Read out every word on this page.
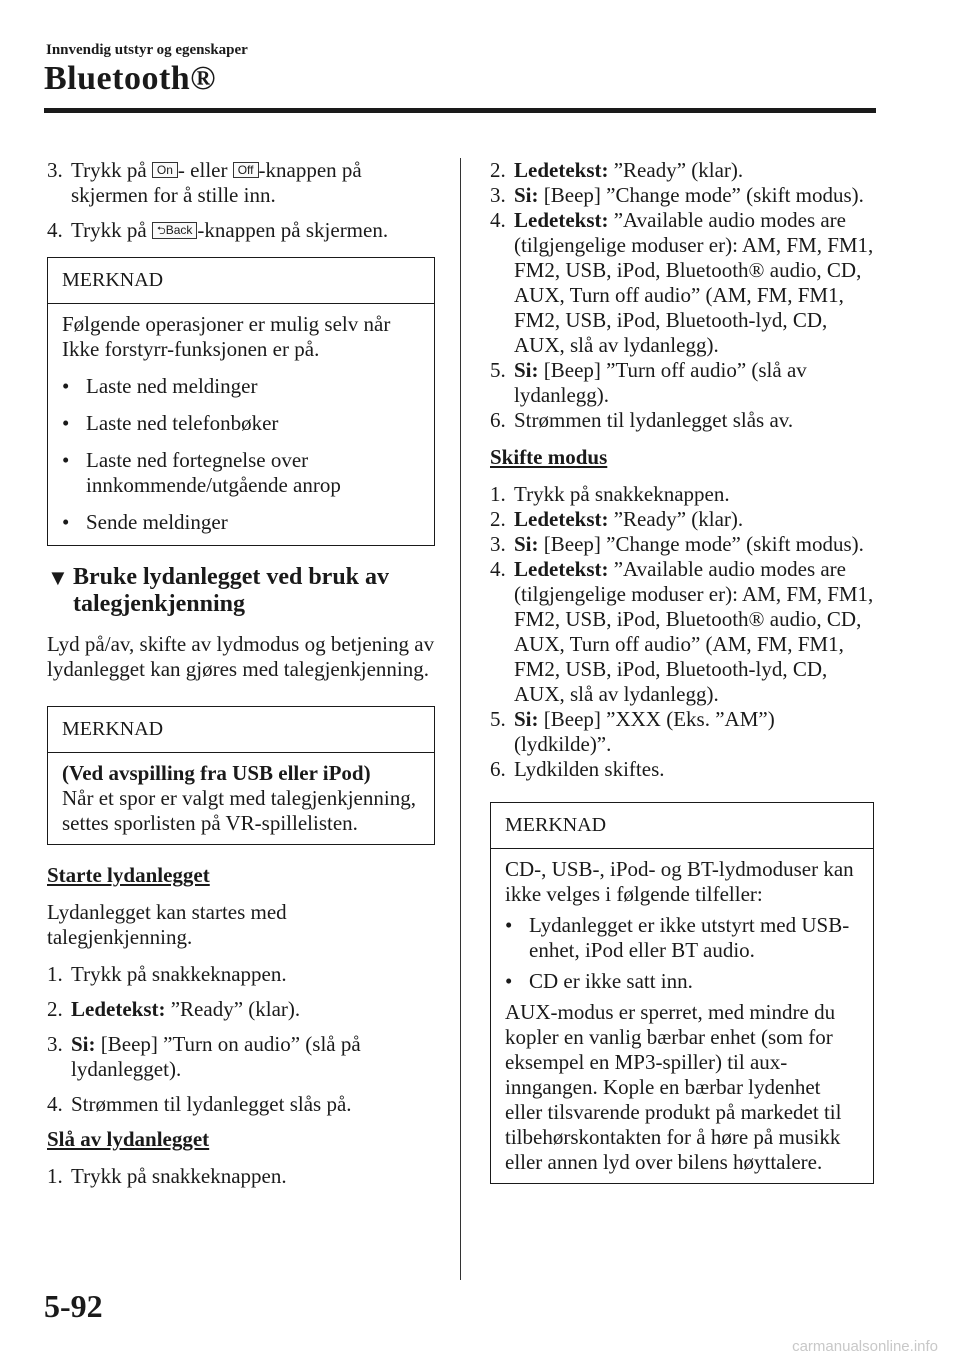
Innvendig utstyr og egenskaper
Bluetooth®
3. Trykk på On - eller Off -knappen på skjermen for å stille inn.
4. Trykk på ⮌Back -knappen på skjermen.
MERKNAD
Følgende operasjoner er mulig selv når Ikke forstyrr-funksjonen er på.
• Laste ned meldinger
• Laste ned telefonbøker
• Laste ned fortegnelse over innkommende/utgående anrop
• Sende meldinger
▼ Bruke lydanlegget ved bruk av talegjenkjenning
Lyd på/av, skifte av lydmodus og betjening av lydanlegget kan gjøres med talegjenkjenning.
MERKNAD
(Ved avspilling fra USB eller iPod)
Når et spor er valgt med talegjenkjenning, settes sporlisten på VR-spillelisten.
Starte lydanlegget
Lydanlegget kan startes med talegjenkjenning.
1. Trykk på snakkeknappen.
2. Ledetekst: ”Ready” (klar).
3. Si: [Beep] ”Turn on audio” (slå på lydanlegget).
4. Strømmen til lydanlegget slås på.
Slå av lydanlegget
1. Trykk på snakkeknappen.
2. Ledetekst: ”Ready” (klar).
3. Si: [Beep] ”Change mode” (skift modus).
4. Ledetekst: ”Available audio modes are (tilgjengelige moduser er): AM, FM, FM1, FM2, USB, iPod, Bluetooth® audio, CD, AUX, Turn off audio” (AM, FM, FM1, FM2, USB, iPod, Bluetooth-lyd, CD, AUX, slå av lydanlegg).
5. Si: [Beep] ”Turn off audio” (slå av lydanlegg).
6. Strømmen til lydanlegget slås av.
Skifte modus
1. Trykk på snakkeknappen.
2. Ledetekst: ”Ready” (klar).
3. Si: [Beep] ”Change mode” (skift modus).
4. Ledetekst: ”Available audio modes are (tilgjengelige moduser er): AM, FM, FM1, FM2, USB, iPod, Bluetooth® audio, CD, AUX, Turn off audio” (AM, FM, FM1, FM2, USB, iPod, Bluetooth-lyd, CD, AUX, slå av lydanlegg).
5. Si: [Beep] ”XXX (Eks. ”AM”) (lydkilde)”.
6. Lydkilden skiftes.
MERKNAD
CD-, USB-, iPod- og BT-lydmoduser kan ikke velges i følgende tilfeller:
• Lydanlegget er ikke utstyrt med USB-enhet, iPod eller BT audio.
• CD er ikke satt inn.
AUX-modus er sperret, med mindre du kopler en vanlig bærbar enhet (som for eksempel en MP3-spiller) til aux-inngangen. Kople en bærbar lydenhet eller tilsvarende produkt på markedet til tilbehørskontakten for å høre på musikk eller annen lyd over bilens høyttalere.
5-92
carmanualsonline.info
